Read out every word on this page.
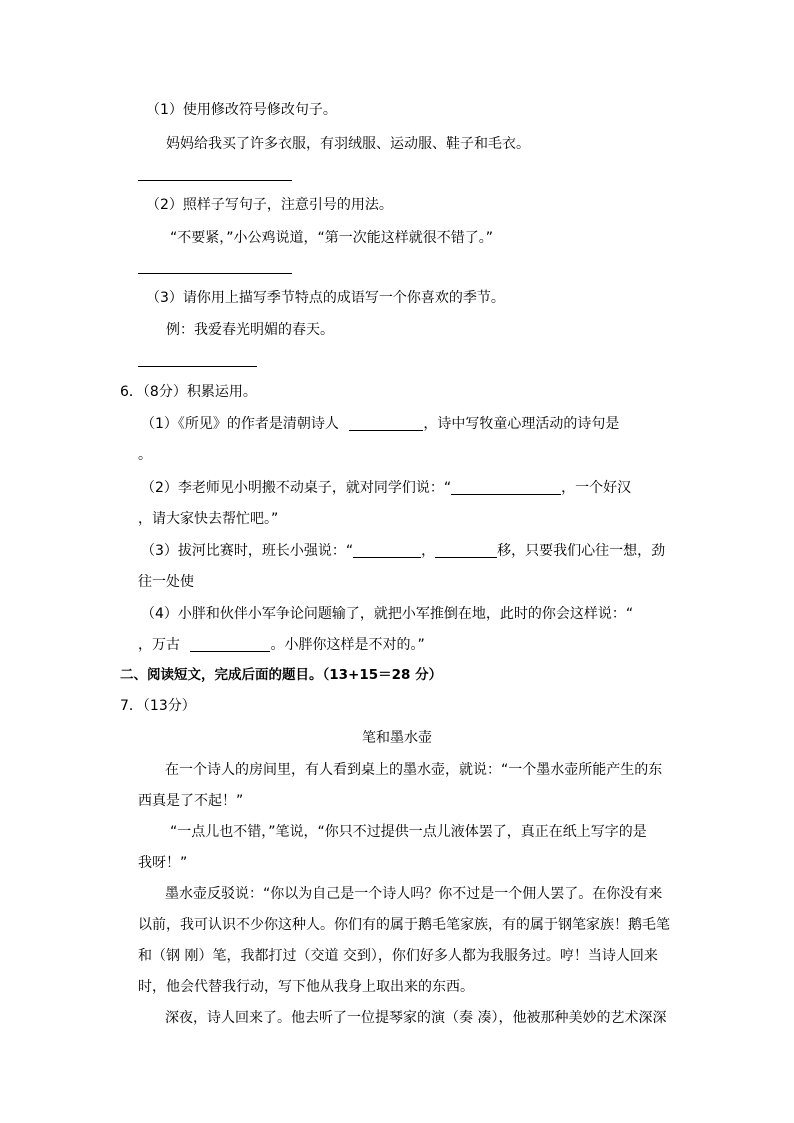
（1）使用修改符号修改句子。
妈妈给我买了许多衣服，有羽绒服、运动服、鞋子和毛衣。
（2）照样子写句子，注意引号的用法。
“不要紧，”小公鸡说道，“第一次能这样就很不错了。”
（3）请你用上描写季节特点的成语写一个你喜欢的季节。
例：我爱春光明媚的春天。
6．（8分）积累运用。
（1）《所见》的作者是清朝诗人	，诗中写牧童心理活动的诗句是
。
（2）李老师见小明搬不动桌子，就对同学们说：“	，一个好汉
，请大家快去帮忙吧。”
（3）拔河比赛时，班长小强说：“	，	移，只要我们心往一想，劲
往一处使
（4）小胖和伙伴小军争论问题输了，就把小军推倒在地，此时的你会这样说：“
，万古	。小胖你这样是不对的。”
二、阅读短文，完成后面的题目。（13+15＝28 分）
7．（13分）
笔和墨水壶
在一个诗人的房间里，有人看到桌上的墨水壶，就说：“一个墨水壶所能产生的东
西真是了不起！”
“一点儿也不错，”笔说，“你只不过提供一点儿液体罢了，真正在纸上写字的是
我呀！”
墨水壶反驳说：“你以为自己是一个诗人吗？你不过是一个佣人罢了。在你没有来
以前，我可认识不少你这种人。你们有的属于鹅毛笔家族，有的属于钢笔家族！鹅毛笔
和（钢 刚）笔，我都打过（交道 交到），你们好多人都为我服务过。哼！当诗人回来
时，他会代替我行动，写下他从我身上取出来的东西。
深夜，诗人回来了。他去听了一位提琴家的演（奏 凑），他被那种美妙的艺术深深
